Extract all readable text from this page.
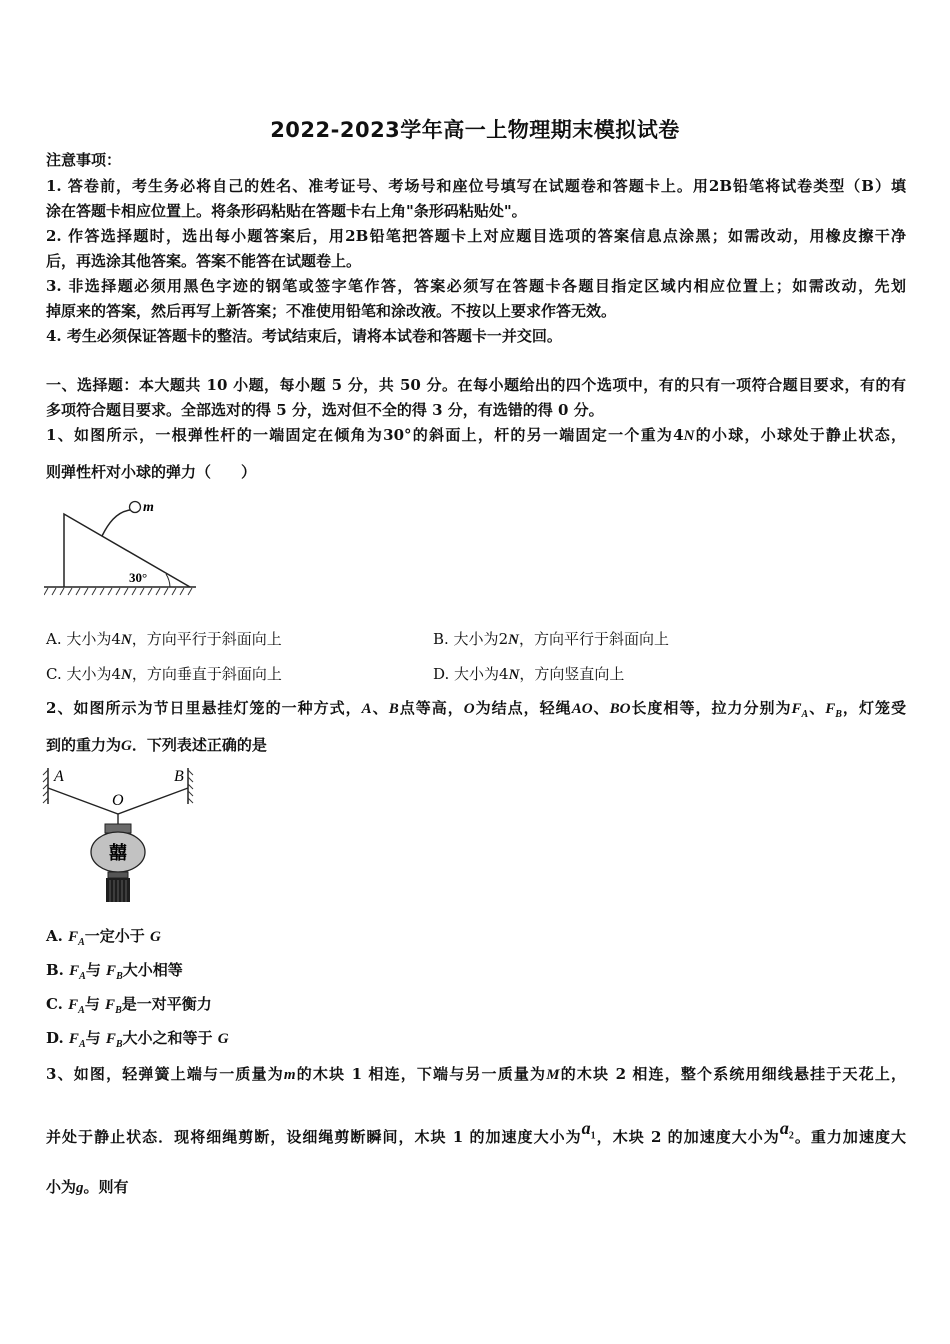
2022-2023学年高一上物理期末模拟试卷
注意事项：
1. 答卷前，考生务必将自己的姓名、准考证号、考场号和座位号填写在试题卷和答题卡上。用2B铅笔将试卷类型（B）填
涂在答题卡相应位置上。将条形码粘贴在答题卡右上角"条形码粘贴处"。
2. 作答选择题时，选出每小题答案后，用2B铅笔把答题卡上对应题目选项的答案信息点涂黑；如需改动，用橡皮擦干净
后，再选涂其他答案。答案不能答在试题卷上。
3. 非选择题必须用黑色字迹的钢笔或签字笔作答，答案必须写在答题卡各题目指定区域内相应位置上；如需改动，先划
掉原来的答案，然后再写上新答案；不准使用铅笔和涂改液。不按以上要求作答无效。
4. 考生必须保证答题卡的整洁。考试结束后，请将本试卷和答题卡一并交回。
一、选择题：本大题共 10 小题，每小题 5 分，共 50 分。在每小题给出的四个选项中，有的只有一项符合题目要求，有的有
多项符合题目要求。全部选对的得 5 分，选对但不全的得 3 分，有选错的得 0 分。
1、如图所示，一根弹性杆的一端固定在倾角为30°的斜面上，杆的另一端固定一个重为4N的小球，小球处于静止状态，
则弹性杆对小球的弹力（　　）
m
30°
A. 大小为4N，方向平行于斜面向上	B. 大小为2N，方向平行于斜面向上
C. 大小为4N，方向垂直于斜面向上	D. 大小为4N，方向竖直向上
2、如图所示为节日里悬挂灯笼的一种方式，A、B点等高，O为结点，轻绳AO、BO长度相等，拉力分别为$F_A$、$F_B$，灯笼受
到的重力为G．下列表述正确的是
A	B
O
囍
A. $F_A$一定小于 G
B. $F_A$与 $F_B$大小相等
C. $F_A$与 $F_B$是一对平衡力
D. $F_A$与 $F_B$大小之和等于 G
3、如图，轻弹簧上端与一质量为m的木块 1 相连，下端与另一质量为M的木块 2 相连，整个系统用细线悬挂于天花上，
并处于静止状态．现将细绳剪断，设细绳剪断瞬间，木块 1 的加速度大小为$a_1$，木块 2 的加速度大小为$a_2$。重力加速度大
小为g。则有
